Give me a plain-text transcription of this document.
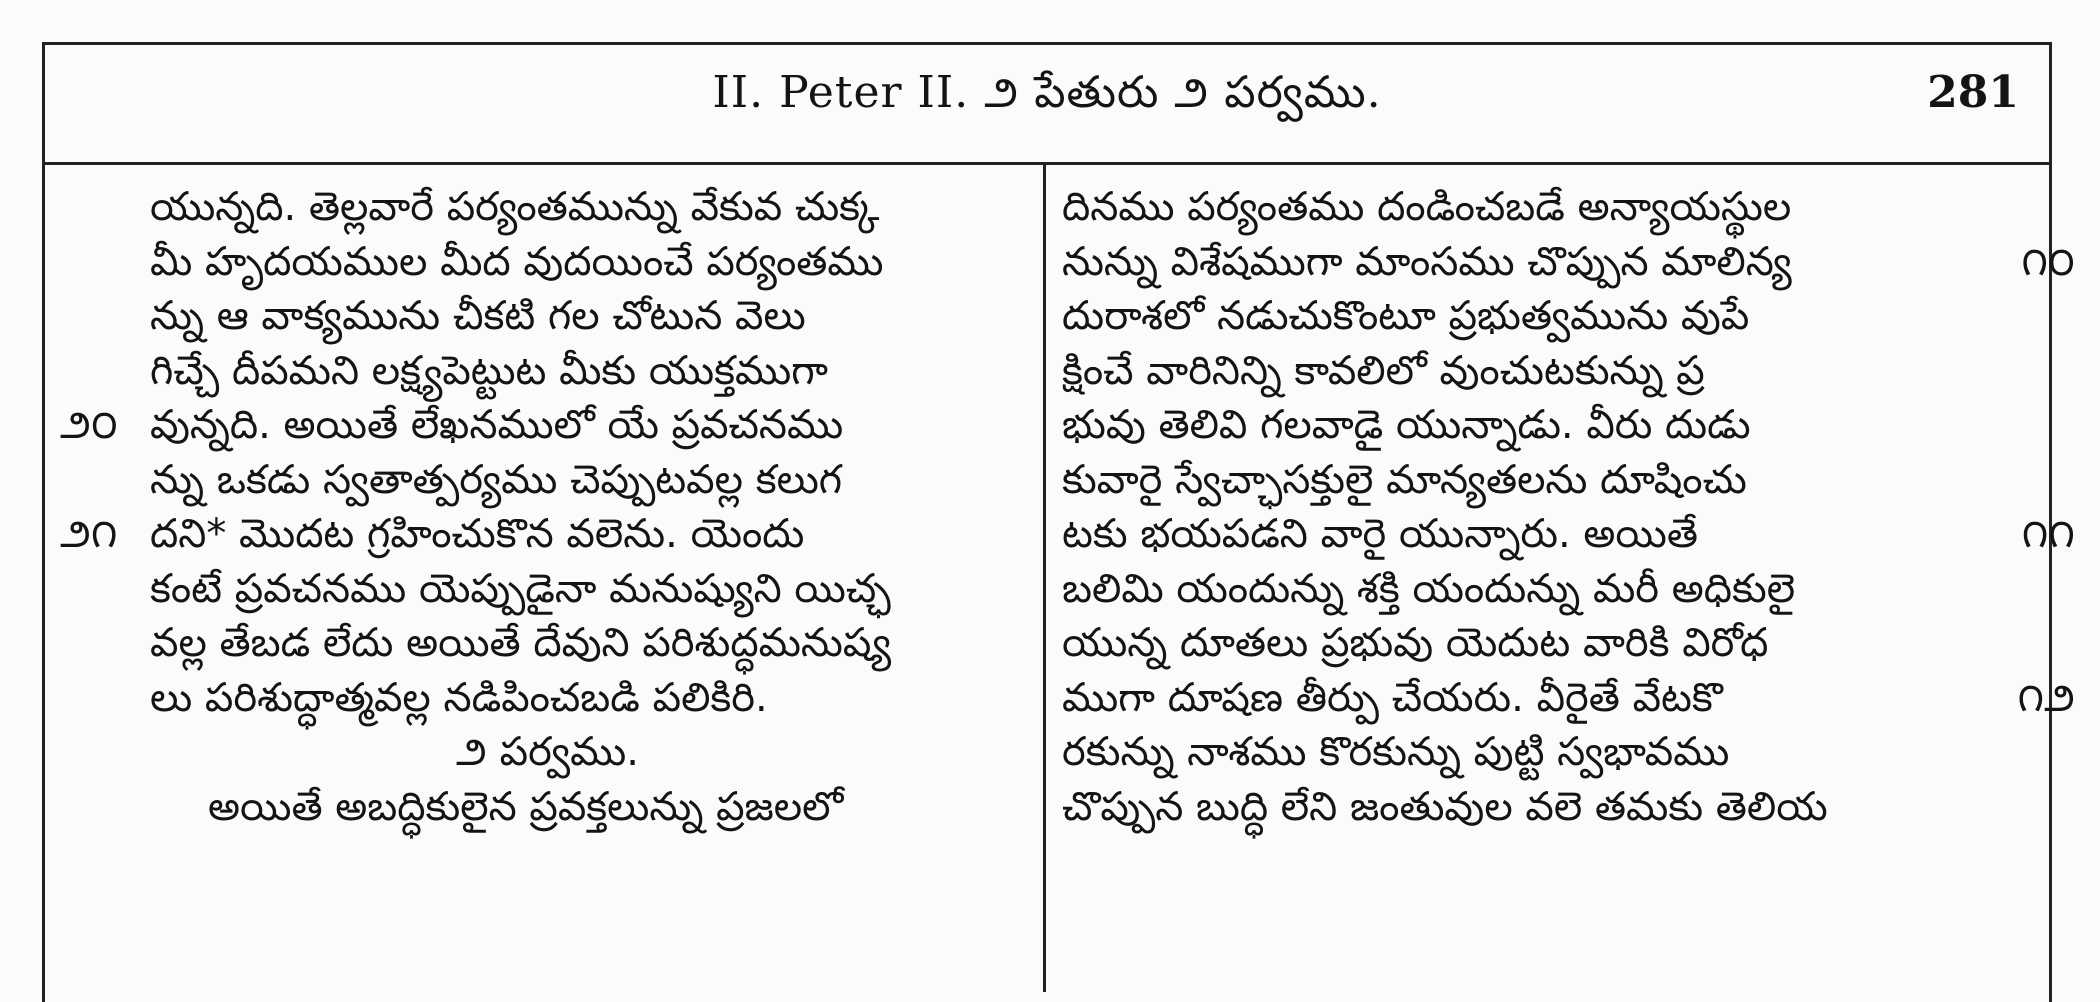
II. Peter II. ౨ పేతురు ౨ పర్వము.	281
యున్నది. తెల్లవారే పర్యంతమున్ను వేకువ చుక్క
మీ హృదయముల మీద వుదయించే పర్యంతము
న్ను ఆ వాక్యమును చీకటి గల చోటున వెలు
గిచ్చే దీపమని లక్ష్యపెట్టుట మీకు యుక్తముగా
౨౦ వున్నది. అయితే లేఖనములో యే ప్రవచనము
న్ను ఒకడు స్వతాత్పర్యము చెప్పుటవల్ల కలుగ
౨౧ దని* మొదట గ్రహించుకొన వలెను. యెందు
కంటే ప్రవచనము యెప్పుడైనా మనుష్యుని యిచ్ఛ
వల్ల తేబడ లేదు అయితే దేవుని పరిశుద్ధమనుష్య
లు పరిశుద్ధాత్మవల్ల నడిపించబడి పలికిరి.
౨ పర్వము.
అయితే అబద్ధికులైన ప్రవక్తలున్ను ప్రజలలో
దినము పర్యంతము దండించబడే అన్యాయస్థుల
నున్ను విశేషముగా మాంసము చొప్పున మాలిన్య	౧౦
దురాశలో నడుచుకొంటూ ప్రభుత్వమును వుపే
క్షించే వారినిన్ని కావలిలో వుంచుటకున్ను ప్ర
భువు తెలివి గలవాడై యున్నాడు. వీరు దుడు
కువారై స్వేచ్ఛాసక్తులై మాన్యతలను దూషించు
టకు భయపడని వారై యున్నారు. అయితే	౧౧
బలిమి యందున్ను శక్తి యందున్ను మరీ అధికులై
యున్న దూతలు ప్రభువు యెదుట వారికి విరోధ
ముగా దూషణ తీర్పు చేయరు. వీరైతే వేటకొ	౧౨
రకున్ను నాశము కొరకున్ను పుట్టి స్వభావము
చొప్పున బుద్ధి లేని జంతువుల వలె తమకు తెలియ
